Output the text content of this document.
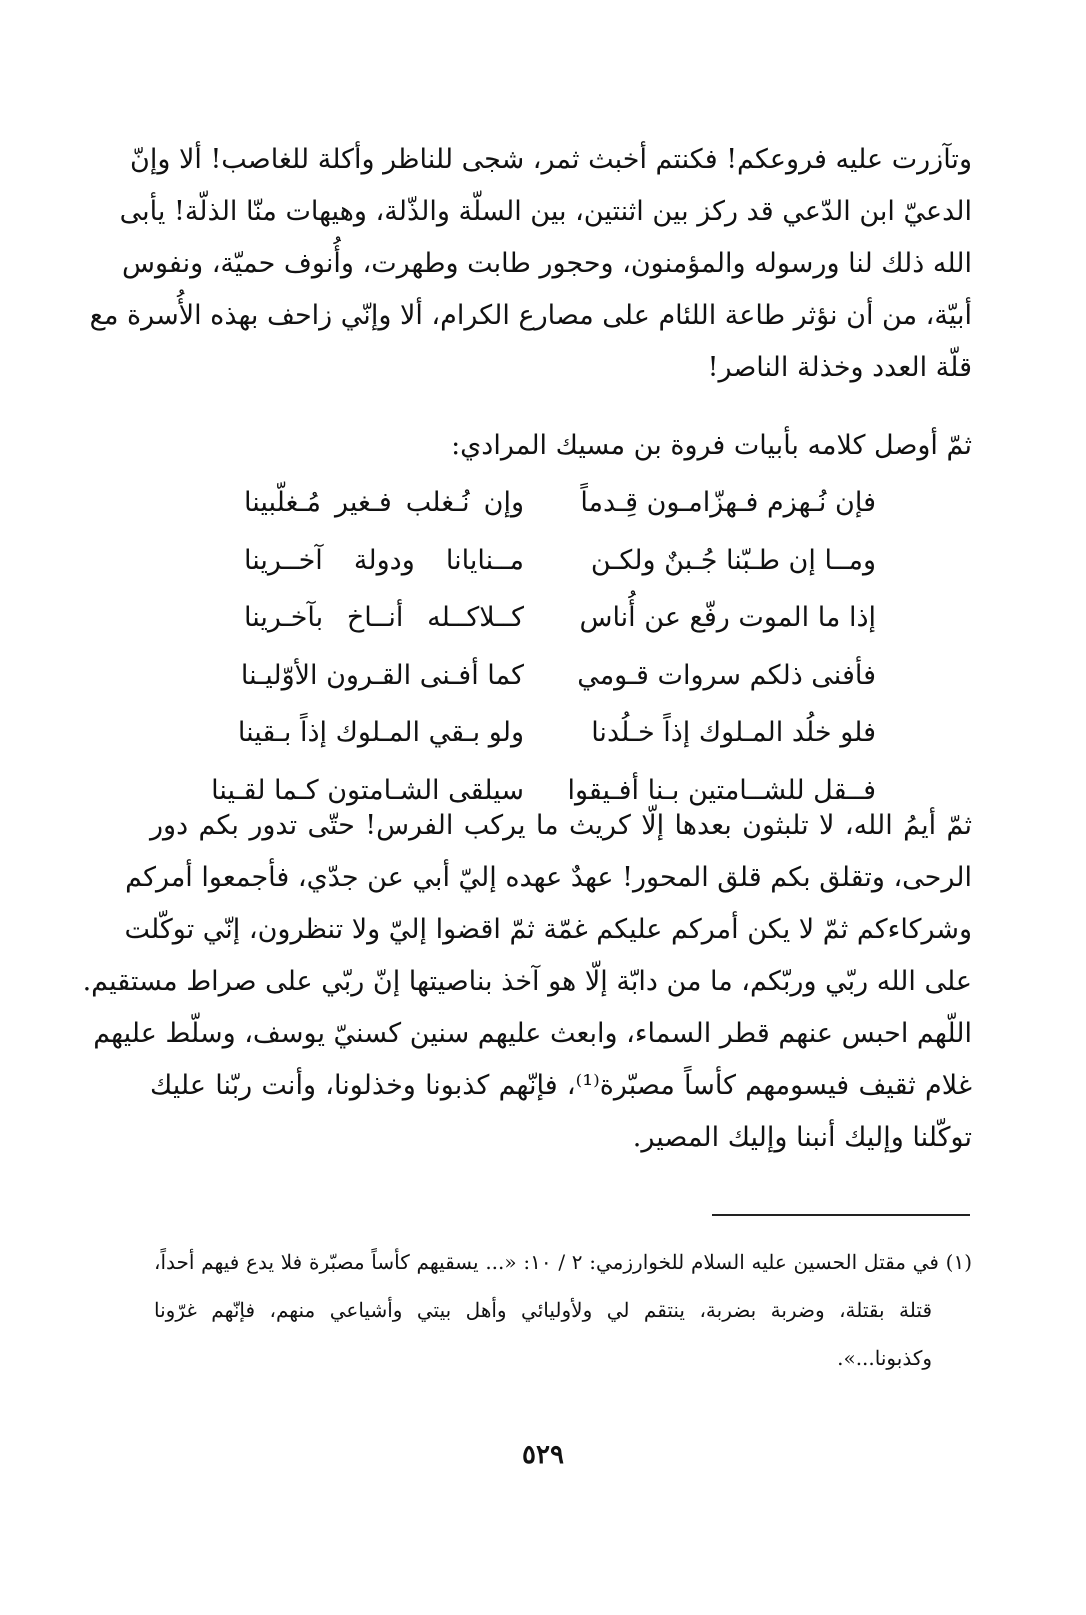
وتآزرت عليه فروعكم! فكنتم أخبث ثمر، شجى للناظر وأكلة للغاصب! ألا وإنّ
الدعيّ ابن الدّعي قد ركز بين اثنتين، بين السلّة والذّلة، وهيهات منّا الذلّة! يأبى
الله ذلك لنا ورسوله والمؤمنون، وحجور طابت وطهرت، وأُنوف حميّة، ونفوس
أبيّة، من أن نؤثر طاعة اللئام على مصارع الكرام، ألا وإنّي زاحف بهذه الأُسرة مع
قلّة العدد وخذلة الناصر!
ثمّ أوصل كلامه بأبيات فروة بن مسيك المرادي:
فإن نُـهزم فـهزّامـون قِـدماً
وإن نُـغلب فـغير مُـغلّبينا
ومــا إن طـبّنا جُـبنٌ ولكـن
مــنايانا ودولة آخــرينا
إذا ما الموت رفّع عن أُناس
كــلاكــله أنــاخ بآخـرينا
فأفنى ذلكم سروات قـومي
كما أفـنى القـرون الأوّليـنا
فلو خلُد المـلوك إذاً خـلُدنا
ولو بـقي المـلوك إذاً بـقينا
فــقل للشــامتين بـنا أفـيقوا
سيلقى الشـامتون كـما لقـينا
ثمّ أيمُ الله، لا تلبثون بعدها إلّا كريث ما يركب الفرس! حتّى تدور بكم دور
الرحى، وتقلق بكم قلق المحور! عهدٌ عهده إليّ أبي عن جدّي، فأجمعوا أمركم
وشركاءكم ثمّ لا يكن أمركم عليكم غمّة ثمّ اقضوا إليّ ولا تنظرون، إنّي توكّلت
على الله ربّي وربّكم، ما من دابّة إلّا هو آخذ بناصيتها إنّ ربّي على صراط مستقيم.
اللّهم احبس عنهم قطر السماء، وابعث عليهم سنين كسنيّ يوسف، وسلّط عليهم
غلام ثقيف فيسومهم كأساً مصبّرة⁽¹⁾، فإنّهم كذبونا وخذلونا، وأنت ربّنا عليك
توكّلنا وإليك أنبنا وإليك المصير.
(١) في مقتل الحسين عليه السلام للخوارزمي: ٢ / ١٠: «... يسقيهم كأساً مصبّرة فلا يدع فيهم أحداً،
قتلة بقتلة، وضربة بضربة، ينتقم لي ولأوليائي وأهل بيتي وأشياعي منهم، فإنّهم غرّونا
وكذبونا...».
٥٢٩
